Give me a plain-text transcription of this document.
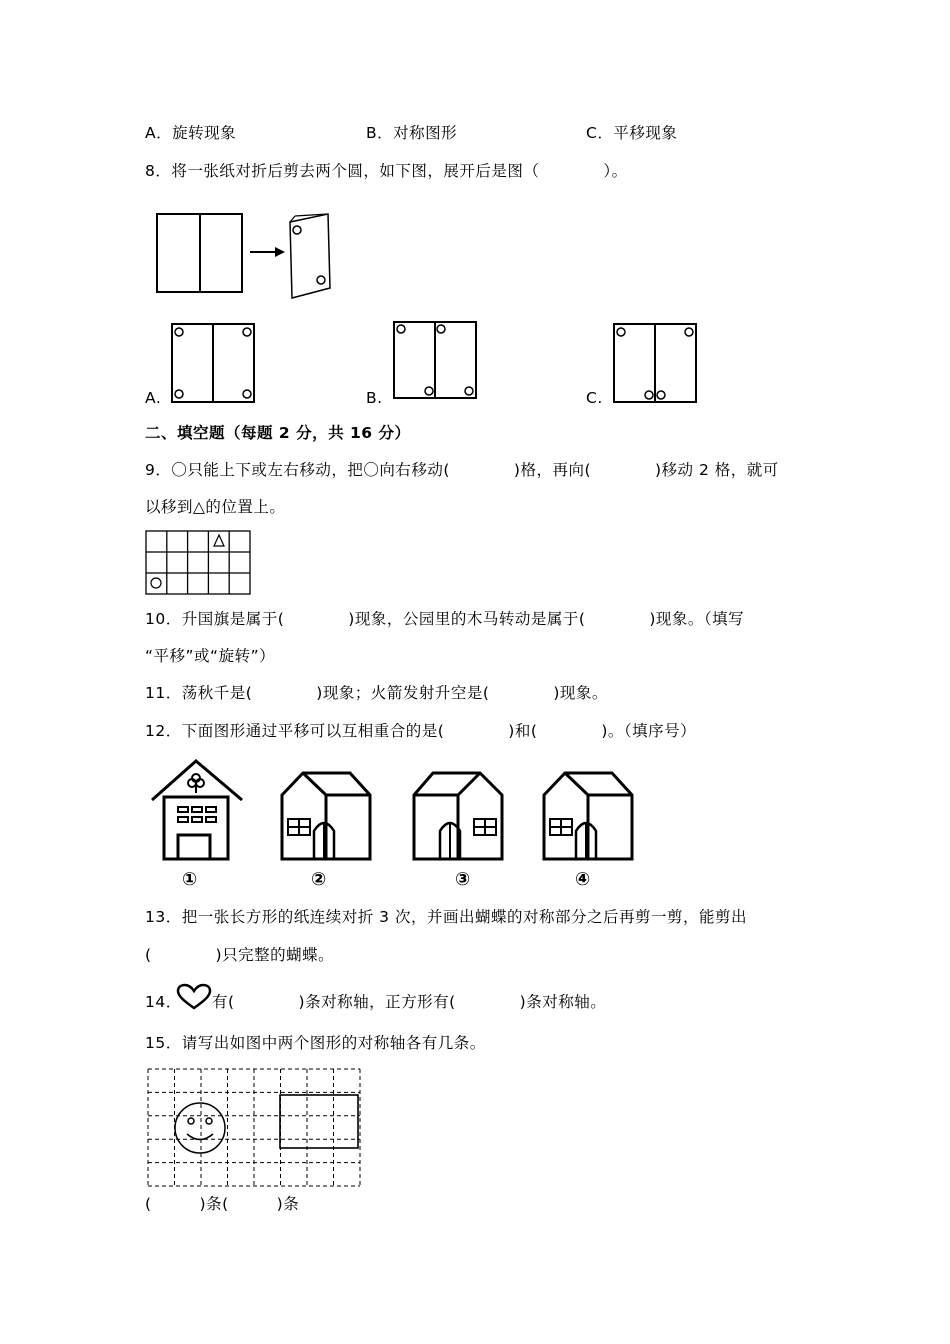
A．旋转现象	B．对称图形	C．平移现象
8．将一张纸对折后剪去两个圆，如下图，展开后是图（　　　　）。
A.	B.	C.
二、填空题（每题 2 分，共 16 分）
9．〇只能上下或左右移动，把〇向右移动(　　　　)格，再向(　　　　)移动 2 格，就可
以移到△的位置上。
10．升国旗是属于(　　　　)现象，公园里的木马转动是属于(　　　　)现象。（填写
“平移”或“旋转”）
11．荡秋千是(　　　　)现象；火箭发射升空是(　　　　)现象。
12．下面图形通过平移可以互相重合的是(　　　　)和(　　　　)。（填序号）
①	②	③	④
13．把一张长方形的纸连续对折 3 次，并画出蝴蝶的对称部分之后再剪一剪，能剪出
(　　　　)只完整的蝴蝶。
14． 有(　　　　)条对称轴，正方形有(　　　　)条对称轴。
15．请写出如图中两个图形的对称轴各有几条。
(　　　)条(　　　)条
